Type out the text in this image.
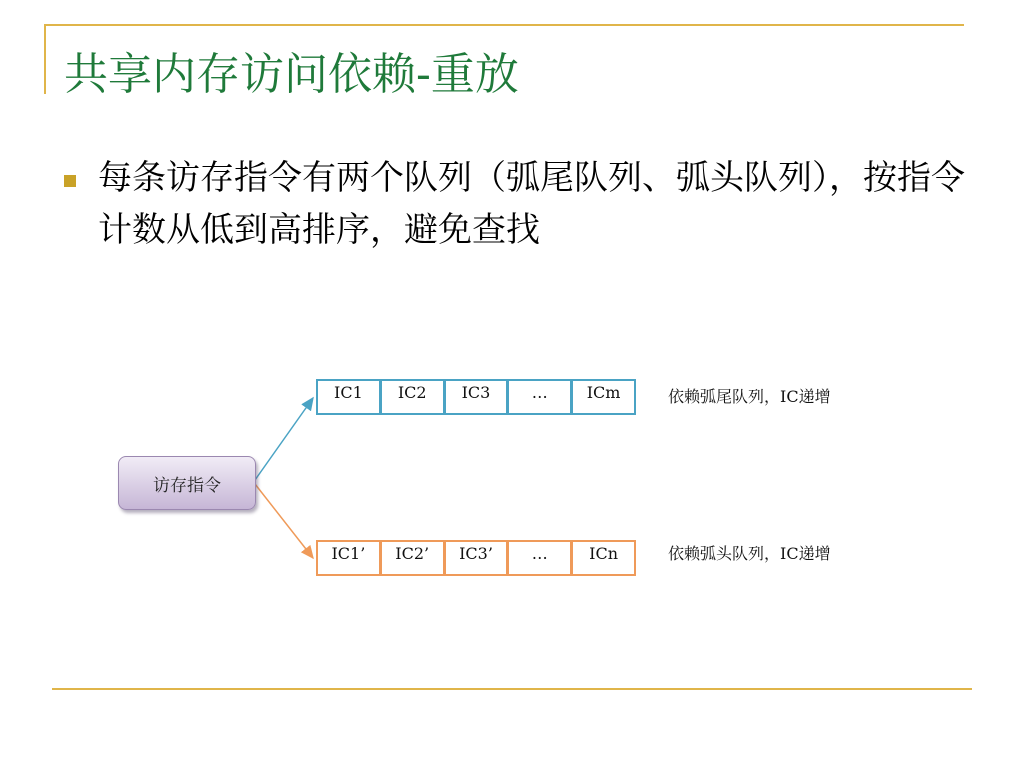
共享内存访问依赖-重放
每条访存指令有两个队列（弧尾队列、弧头队列），按指令计数从低到高排序，避免查找
访存指令
IC1	IC2	IC3	…	ICm	依赖弧尾队列，IC递增
IC1’	IC2’	IC3’	…	ICn	依赖弧头队列，IC递增
